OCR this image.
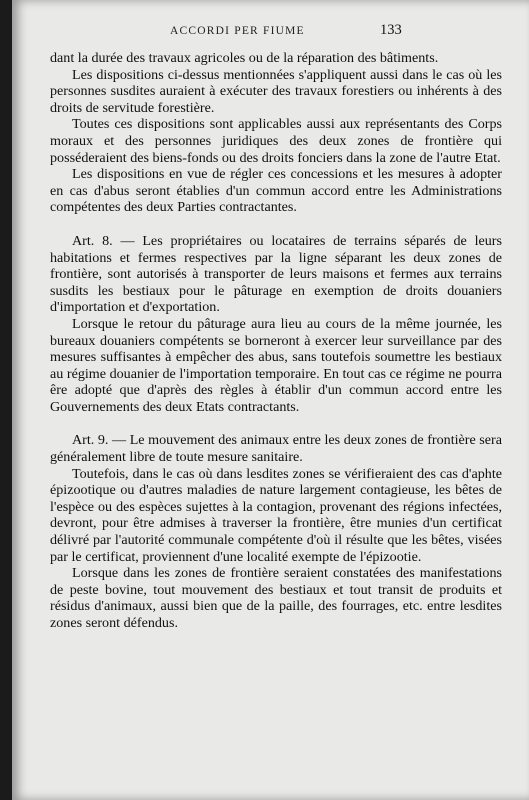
ACCORDI PER FIUME	133

dant la durée des travaux agricoles ou de la réparation des bâtiments.

Les dispositions ci-dessus mentionnées s'appliquent aussi dans le cas où les personnes susdites auraient à exécuter des travaux forestiers ou inhérents à des droits de servitude forestière.

Toutes ces dispositions sont applicables aussi aux représentants des Corps moraux et des personnes juridiques des deux zones de frontière qui posséderaient des biens-fonds ou des droits fonciers dans la zone de l'autre Etat.

Les dispositions en vue de régler ces concessions et les mesures à adopter en cas d'abus seront établies d'un commun accord entre les Administrations compétentes des deux Parties contractantes.

Art. 8. — Les propriétaires ou locataires de terrains séparés de leurs habitations et fermes respectives par la ligne séparant les deux zones de frontière, sont autorisés à transporter de leurs maisons et fermes aux terrains susdits les bestiaux pour le pâturage en exemption de droits douaniers d'importation et d'exportation.

Lorsque le retour du pâturage aura lieu au cours de la même journée, les bureaux douaniers compétents se borneront à exercer leur surveillance par des mesures suffisantes à empêcher des abus, sans toutefois soumettre les bestiaux au régime douanier de l'importation temporaire. En tout cas ce régime ne pourra êre adopté que d'après des règles à établir d'un commun accord entre les Gouvernements des deux Etats contractants.

Art. 9. — Le mouvement des animaux entre les deux zones de frontière sera généralement libre de toute mesure sanitaire.

Toutefois, dans le cas où dans lesdites zones se vérifieraient des cas d'aphte épizootique ou d'autres maladies de nature largement contagieuse, les bêtes de l'espèce ou des espèces sujettes à la contagion, provenant des régions infectées, devront, pour être admises à traverser la frontière, être munies d'un certificat délivré par l'autorité communale compétente d'où il résulte que les bêtes, visées par le certificat, proviennent d'une localité exempte de l'épizootie.

Lorsque dans les zones de frontière seraient constatées des manifestations de peste bovine, tout mouvement des bestiaux et tout transit de produits et résidus d'animaux, aussi bien que de la paille, des fourrages, etc. entre lesdites zones seront défendus.
